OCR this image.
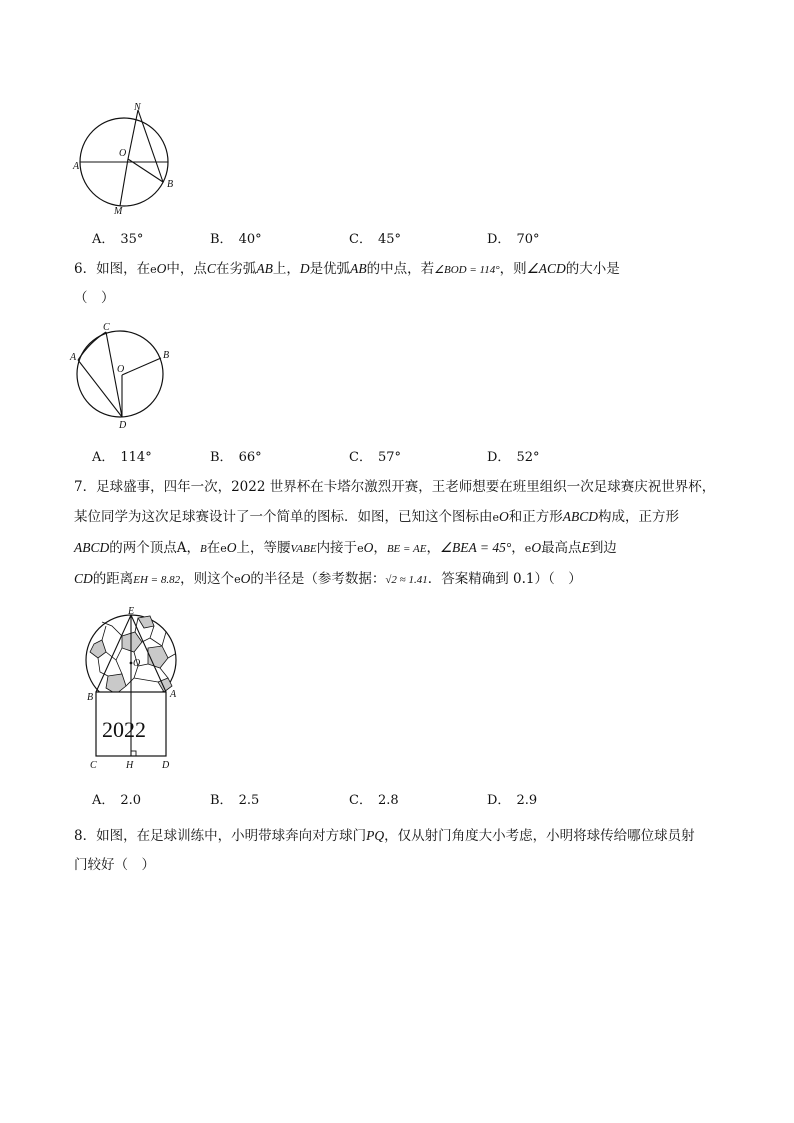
N
O
A
B
M
A． 35°	B． 40°	C． 45°	D． 70°
6．如图，在eO中，点C在劣弧AB上，D是优弧AB的中点，若∠BOD = 114°，则∠ACD的大小是
（　）
C
A	B
O
D
A． 114°	B． 66°	C． 57°	D． 52°
7．足球盛事，四年一次，2022 世界杯在卡塔尔激烈开赛，王老师想要在班里组织一次足球赛庆祝世界杯，
某位同学为这次足球赛设计了一个简单的图标．如图，已知这个图标由eO和正方形ABCD构成，正方形
ABCD的两个顶点A，B在eO上，等腰VABE内接于eO，BE = AE，∠BEA = 45°，eO最高点E到边
CD的距离EH = 8.82，则这个eO的半径是（参考数据：√2 ≈ 1.41．答案精确到 0.1）（　）
2022
E
O
B	A
C	H	D
A． 2.0	B． 2.5	C． 2.8	D． 2.9
8．如图，在足球训练中，小明带球奔向对方球门PQ，仅从射门角度大小考虑，小明将球传给哪位球员射
门较好（　）
